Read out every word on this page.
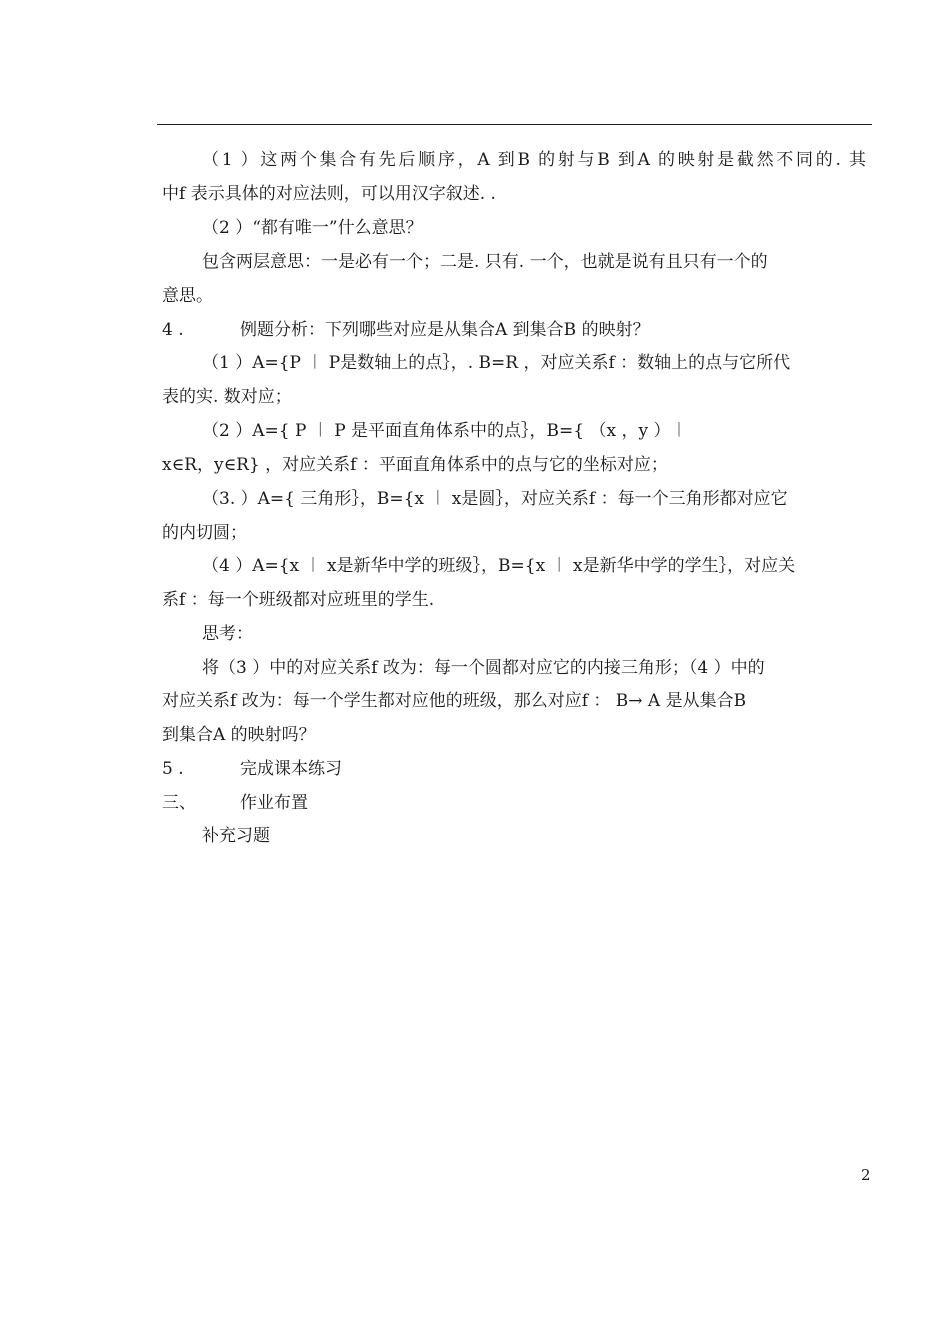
（1 ）这两个集合有先后顺序，A 到B 的射与B 到A 的映射是截然不同的. 其
中f 表示具体的对应法则，可以用汉字叙述. .
（2 ）“都有唯一”什么意思？
包含两层意思：一是必有一个；二是. 只有. 一个，也就是说有且只有一个的
意思。
4 .	例题分析：下列哪些对应是从集合A 到集合B 的映射？
（1 ）A={P ︱ P是数轴上的点｝，. B=R ，对应关系f ：数轴上的点与它所代
表的实. 数对应；
（2 ）A={ P ︱ P 是平面直角体系中的点｝，B={ （x ，y ）︱
x∈R，y∈R} ，对应关系f ：平面直角体系中的点与它的坐标对应；
（3. ）A={ 三角形｝，B={x ︱ x是圆｝，对应关系f ：每一个三角形都对应它
的内切圆；
（4 ）A={x ︱ x是新华中学的班级｝，B={x ︱ x是新华中学的学生｝，对应关
系f ：每一个班级都对应班里的学生.
思考：
将（3 ）中的对应关系f 改为：每一个圆都对应它的内接三角形；（4 ）中的
对应关系f 改为：每一个学生都对应他的班级，那么对应f ： B→ A 是从集合B
到集合A 的映射吗？
5 .	完成课本练习
三、	作业布置
补充习题
2
